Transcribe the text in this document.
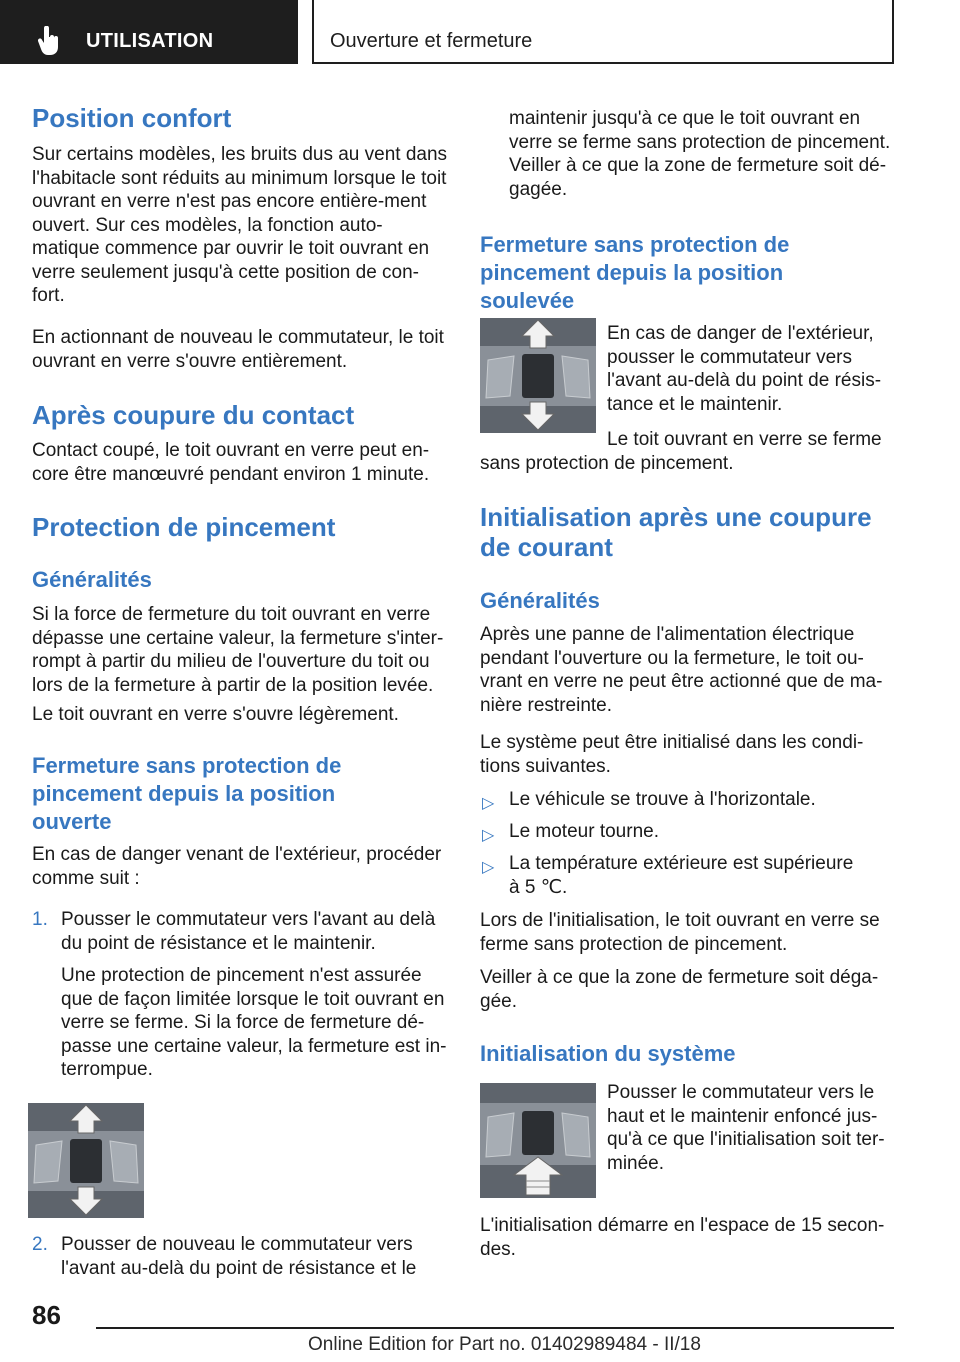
UTILISATION	Ouverture et fermeture
Position confort

Sur certains modèles, les bruits dus au vent dans l'habitacle sont réduits au minimum lorsque le toit ouvrant en verre n'est pas encore entière-ment ouvert. Sur ces modèles, la fonction auto-matique commence par ouvrir le toit ouvrant en verre seulement jusqu'à cette position de con-fort.

En actionnant de nouveau le commutateur, le toit ouvrant en verre s'ouvre entièrement.

Après coupure du contact

Contact coupé, le toit ouvrant en verre peut en-core être manœuvré pendant environ 1 minute.

Protection de pincement
Généralités

Si la force de fermeture du toit ouvrant en verre dépasse une certaine valeur, la fermeture s'inter-rompt à partir du milieu de l'ouverture du toit ou lors de la fermeture à partir de la position levée.

Le toit ouvrant en verre s'ouvre légèrement.

Fermeture sans protection de pincement depuis la position ouverte

En cas de danger venant de l'extérieur, procéder comme suit :

1. Pousser le commutateur vers l'avant au delà du point de résistance et le maintenir.

Une protection de pincement n'est assurée que de façon limitée lorsque le toit ouvrant en verre se ferme. Si la force de fermeture dé-passe une certaine valeur, la fermeture est in-terrompue.

2. Pousser de nouveau le commutateur vers l'avant au-delà du point de résistance et le

maintenir jusqu'à ce que le toit ouvrant en verre se ferme sans protection de pincement. Veiller à ce que la zone de fermeture soit dé-gagée.

Fermeture sans protection de pincement depuis la position soulevée

En cas de danger de l'extérieur, pousser le commutateur vers l'avant au-delà du point de résis-tance et le maintenir.

Le toit ouvrant en verre se ferme sans protection de pincement.

Initialisation après une coupure de courant
Généralités

Après une panne de l'alimentation électrique pendant l'ouverture ou la fermeture, le toit ou-vrant en verre ne peut être actionné que de ma-nière restreinte.

Le système peut être initialisé dans les condi-tions suivantes.

▷ Le véhicule se trouve à l'horizontale.

▷ Le moteur tourne.

▷ La température extérieure est supérieure à 5 ℃.

Lors de l'initialisation, le toit ouvrant en verre se ferme sans protection de pincement.

Veiller à ce que la zone de fermeture soit déga-gée.

Initialisation du système

Pousser le commutateur vers le haut et le maintenir enfoncé jus-qu'à ce que l'initialisation soit ter-minée.

L'initialisation démarre en l'espace de 15 secon-des.

86
Online Edition for Part no. 01402989484 - II/18
